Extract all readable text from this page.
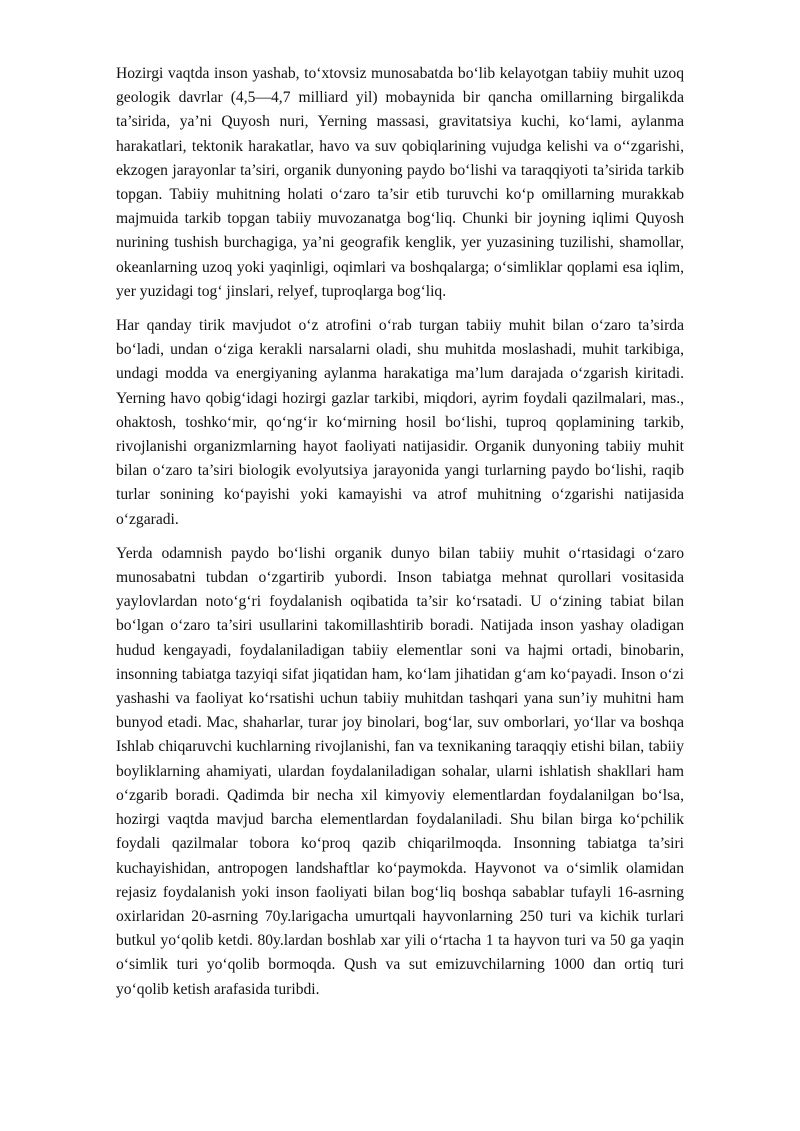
Hozirgi vaqtda inson yashab, to‘xtovsiz munosabatda bo‘lib kelayotgan tabiiy muhit uzoq geologik davrlar (4,5—4,7 milliard yil) mobaynida bir qancha omillarning birgalikda ta’sirida, ya’ni Quyosh nuri, Yerning massasi, gravitatsiya kuchi, ko‘lami, aylanma harakatlari, tektonik harakatlar, havo va suv qobiqlarining vujudga kelishi va o‘‘zgarishi, ekzogen jarayonlar ta’siri, organik dunyoning paydo bo‘lishi va taraqqiyoti ta’sirida tarkib topgan. Tabiiy muhitning holati o‘zaro ta’sir etib turuvchi ko‘p omillarning murakkab majmuida tarkib topgan tabiiy muvozanatga bog‘liq. Chunki bir joyning iqlimi Quyosh nurining tushish burchagiga, ya’ni geografik kenglik, yer yuzasining tuzilishi, shamollar, okeanlarning uzoq yoki yaqinligi, oqimlari va boshqalarga; o‘simliklar qoplami esa iqlim, yer yuzidagi tog‘ jinslari, relyef, tuproqlarga bog‘liq.

Har qanday tirik mavjudot o‘z atrofini o‘rab turgan tabiiy muhit bilan o‘zaro ta’sirda bo‘ladi, undan o‘ziga kerakli narsalarni oladi, shu muhitda moslashadi, muhit tarkibiga, undagi modda va energiyaning aylanma harakatiga ma’lum darajada o‘zgarish kiritadi. Yerning havo qobig‘idagi hozirgi gazlar tarkibi, miqdori, ayrim foydali qazilmalari, mas., ohaktosh, toshko‘mir, qo‘ng‘ir ko‘mirning hosil bo‘lishi, tuproq qoplamining tarkib, rivojlanishi organizmlarning hayot faoliyati natijasidir. Organik dunyoning tabiiy muhit bilan o‘zaro ta’siri biologik evolyutsiya jarayonida yangi turlarning paydo bo‘lishi, raqib turlar sonining ko‘payishi yoki kamayishi va atrof muhitning o‘zgarishi natijasida o‘zgaradi.

Yerda odamnish paydo bo‘lishi organik dunyo bilan tabiiy muhit o‘rtasidagi o‘zaro munosabatni tubdan o‘zgartirib yubordi. Inson tabiatga mehnat qurollari vositasida yaylovlardan noto‘g‘ri foydalanish oqibatida ta’sir ko‘rsatadi. U o‘zining tabiat bilan bo‘lgan o‘zaro ta’siri usullarini takomillashtirib boradi. Natijada inson yashay oladigan hudud kengayadi, foydalaniladigan tabiiy elementlar soni va hajmi ortadi, binobarin, insonning tabiatga tazyiqi sifat jiqatidan ham, ko‘lam jihatidan g‘am ko‘payadi. Inson o‘zi yashashi va faoliyat ko‘rsatishi uchun tabiiy muhitdan tashqari yana sun’iy muhitni ham bunyod etadi. Mac, shaharlar, turar joy binolari, bog‘lar, suv omborlari, yo‘llar va boshqa Ishlab chiqaruvchi kuchlarning rivojlanishi, fan va texnikaning taraqqiy etishi bilan, tabiiy boyliklarning ahamiyati, ulardan foydalaniladigan sohalar, ularni ishlatish shakllari ham o‘zgarib boradi. Qadimda bir necha xil kimyoviy elementlardan foydalanilgan bo‘lsa, hozirgi vaqtda mavjud barcha elementlardan foydalaniladi. Shu bilan birga ko‘pchilik foydali qazilmalar tobora ko‘proq qazib chiqarilmoqda. Insonning tabiatga ta’siri kuchayishidan, antropogen landshaftlar ko‘paymokda. Hayvonot va o‘simlik olamidan rejasiz foydalanish yoki inson faoliyati bilan bog‘liq boshqa sabablar tufayli 16-asrning oxirlaridan 20-asrning 70y.larigacha umurtqali hayvonlarning 250 turi va kichik turlari butkul yo‘qolib ketdi. 80y.lardan boshlab xar yili o‘rtacha 1 ta hayvon turi va 50 ga yaqin o‘simlik turi yo‘qolib bormoqda. Qush va sut emizuvchilarning 1000 dan ortiq turi yo‘qolib ketish arafasida turibdi.
